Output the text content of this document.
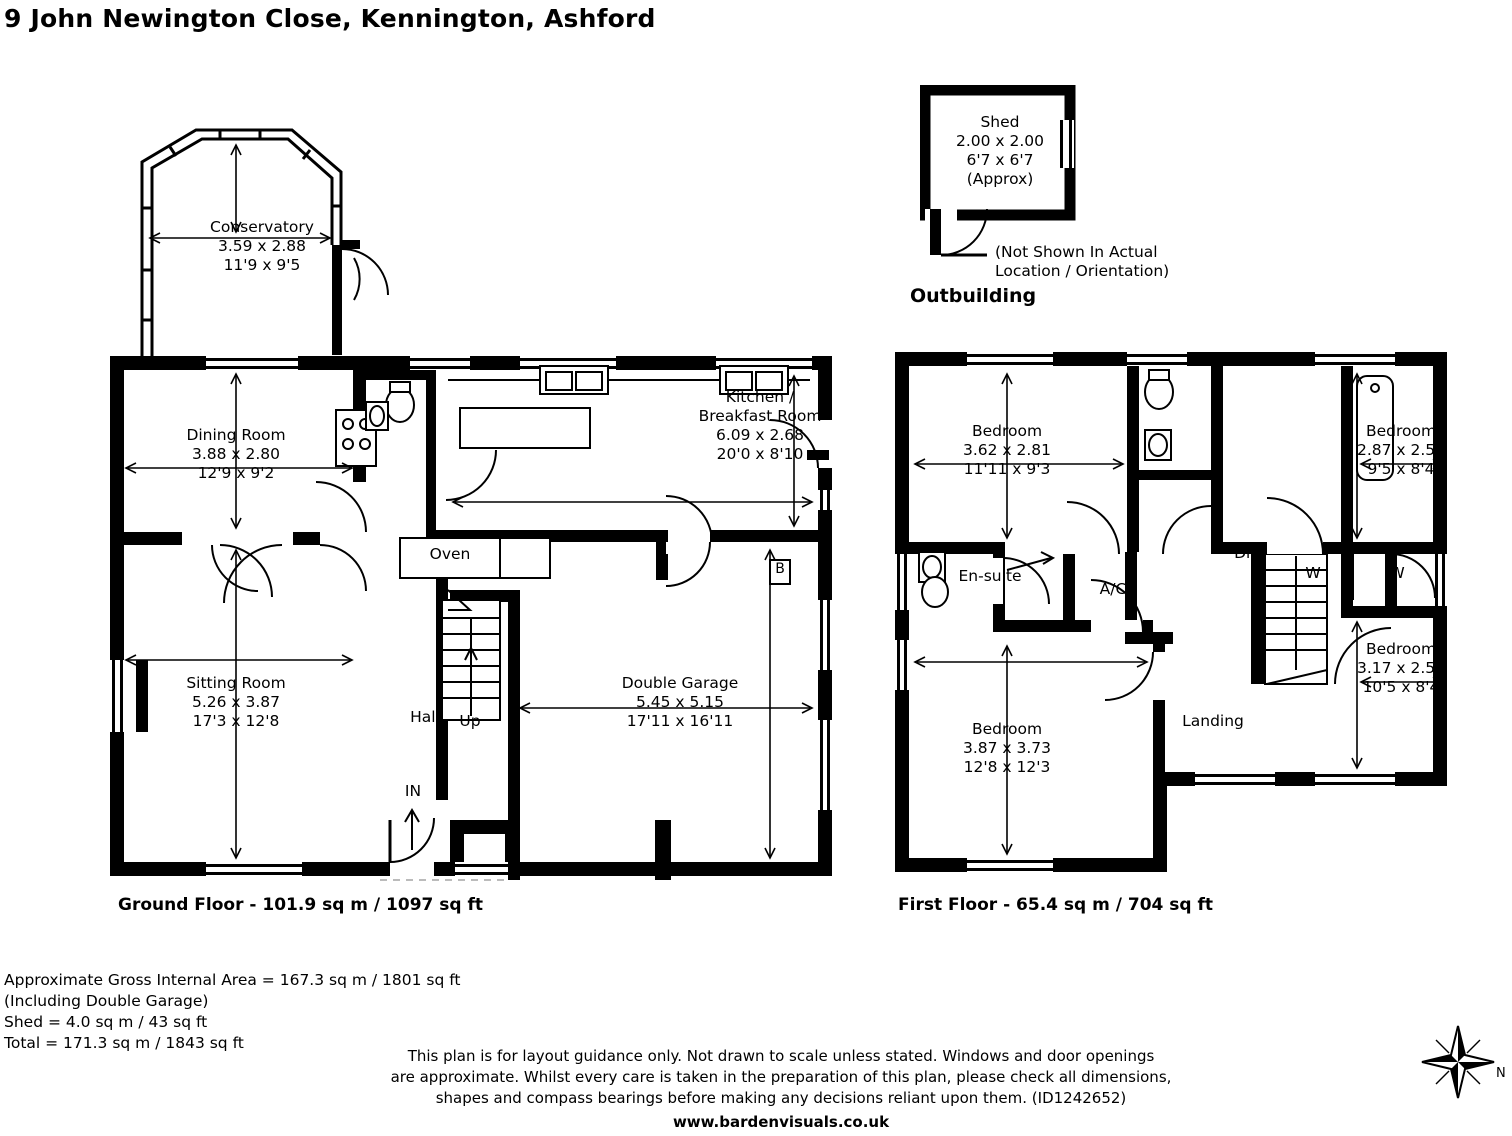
9 John Newington Close, Kennington, Ashford
Shed
2.00 x 2.00
6'7 x 6'7
(Approx)
(Not Shown In Actual
Location / Orientation)
Outbuilding
Conservatory
3.59 x 2.88
11'9 x 9'5
Dining Room
3.88 x 2.80
12'9 x 9'2
Kitchen /
Breakfast Room
6.09 x 2.68
20'0 x 8'10
Sitting Room
5.26 x 3.87
17'3 x 12'8
Double Garage
5.45 x 5.15
17'11 x 16'11
Oven
Up
Hall
IN
B
Ground Floor - 101.9 sq m / 1097 sq ft
Bedroom
3.62 x 2.81
11'11 x 9'3
Bedroom
2.87 x 2.53
9'5 x 8'4
Bedroom
3.17 x 2.54
10'5 x 8'4
Bedroom
3.87 x 3.73
12'8 x 12'3
En-suite
A/C
Landing
Dn
W	W
First Floor - 65.4 sq m / 704 sq ft
Approximate Gross Internal Area = 167.3 sq m / 1801 sq ft
(Including Double Garage)
Shed = 4.0 sq m / 43 sq ft
Total = 171.3 sq m / 1843 sq ft
This plan is for layout guidance only. Not drawn to scale unless stated. Windows and door openings
are approximate. Whilst every care is taken in the preparation of this plan, please check all dimensions,
shapes and compass bearings before making any decisions reliant upon them. (ID1242652)
www.bardenvisuals.co.uk
N
